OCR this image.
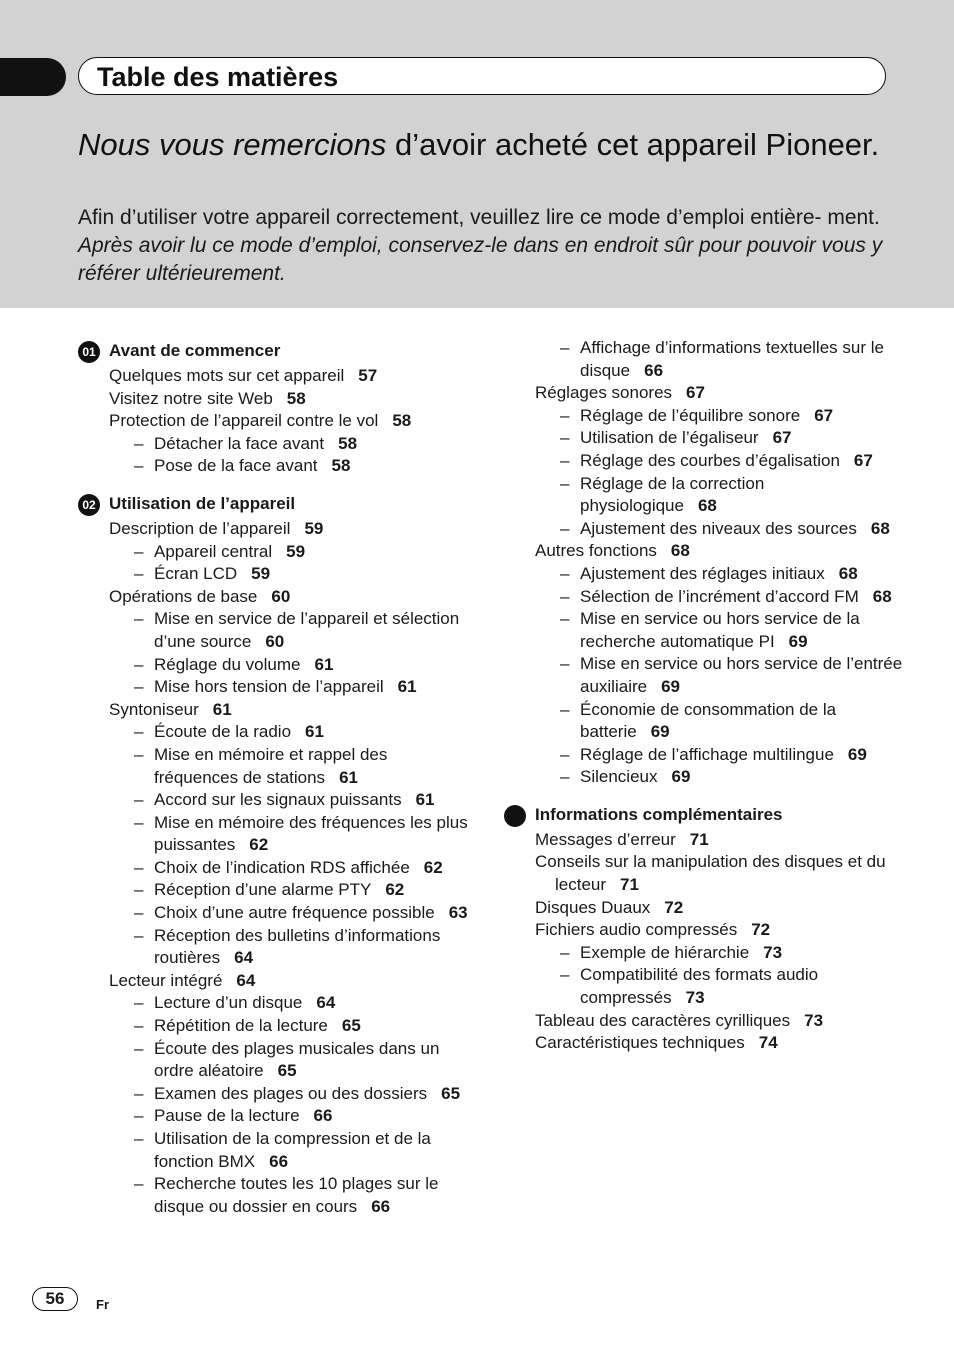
Table des matières
Nous vous remercions d’avoir acheté cet appareil Pioneer.
Afin d’utiliser votre appareil correctement, veuillez lire ce mode d’emploi entière- ment. Après avoir lu ce mode d’emploi, conservez-le dans en endroit sûr pour pouvoir vous y référer ultérieurement.
01 Avant de commencer
Quelques mots sur cet appareil 57
Visitez notre site Web 58
Protection de l’appareil contre le vol 58
– Détacher la face avant 58
– Pose de la face avant 58
02 Utilisation de l’appareil
Description de l’appareil 59
– Appareil central 59
– Écran LCD 59
Opérations de base 60
– Mise en service de l’appareil et sélection d’une source 60
– Réglage du volume 61
– Mise hors tension de l’appareil 61
Syntoniseur 61
– Écoute de la radio 61
– Mise en mémoire et rappel des fréquences de stations 61
– Accord sur les signaux puissants 61
– Mise en mémoire des fréquences les plus puissantes 62
– Choix de l’indication RDS affichée 62
– Réception d’une alarme PTY 62
– Choix d’une autre fréquence possible 63
– Réception des bulletins d’informations routières 64
Lecteur intégré 64
– Lecture d’un disque 64
– Répétition de la lecture 65
– Écoute des plages musicales dans un ordre aléatoire 65
– Examen des plages ou des dossiers 65
– Pause de la lecture 66
– Utilisation de la compression et de la fonction BMX 66
– Recherche toutes les 10 plages sur le disque ou dossier en cours 66
– Affichage d’informations textuelles sur le disque 66
Réglages sonores 67
– Réglage de l’équilibre sonore 67
– Utilisation de l’égaliseur 67
– Réglage des courbes d’égalisation 67
– Réglage de la correction physiologique 68
– Ajustement des niveaux des sources 68
Autres fonctions 68
– Ajustement des réglages initiaux 68
– Sélection de l’incrément d’accord FM 68
– Mise en service ou hors service de la recherche automatique PI 69
– Mise en service ou hors service de l’entrée auxiliaire 69
– Économie de consommation de la batterie 69
– Réglage de l’affichage multilingue 69
– Silencieux 69
Informations complémentaires
Messages d’erreur 71
Conseils sur la manipulation des disques et du lecteur 71
Disques Duaux 72
Fichiers audio compressés 72
– Exemple de hiérarchie 73
– Compatibilité des formats audio compressés 73
Tableau des caractères cyrilliques 73
Caractéristiques techniques 74
56	Fr
